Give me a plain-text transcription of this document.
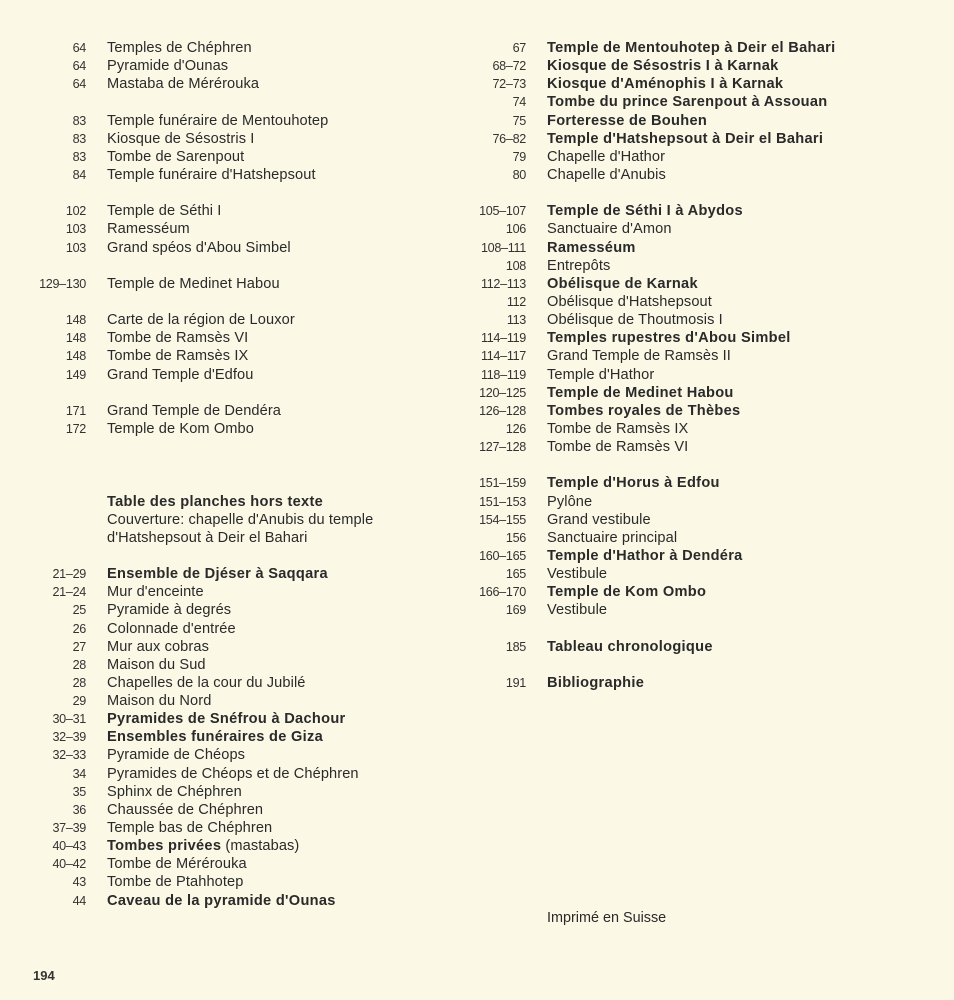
64	Temples de Chéphren
64	Pyramide d'Ounas
64	Mastaba de Mérérouka
83	Temple funéraire de Mentouhotep
83	Kiosque de Sésostris I
83	Tombe de Sarenpout
84	Temple funéraire d'Hatshepsout
102	Temple de Séthi I
103	Ramesséum
103	Grand spéos d'Abou Simbel
129–130	Temple de Medinet Habou
148	Carte de la région de Louxor
148	Tombe de Ramsès VI
148	Tombe de Ramsès IX
149	Grand Temple d'Edfou
171	Grand Temple de Dendéra
172	Temple de Kom Ombo
Table des planches hors texte
Couverture: chapelle d'Anubis du temple
d'Hatshepsout à Deir el Bahari
21–29	Ensemble de Djéser à Saqqara
21–24	Mur d'enceinte
25	Pyramide à degrés
26	Colonnade d'entrée
27	Mur aux cobras
28	Maison du Sud
28	Chapelles de la cour du Jubilé
29	Maison du Nord
30–31	Pyramides de Snéfrou à Dachour
32–39	Ensembles funéraires de Giza
32–33	Pyramide de Chéops
34	Pyramides de Chéops et de Chéphren
35	Sphinx de Chéphren
36	Chaussée de Chéphren
37–39	Temple bas de Chéphren
40–43	Tombes privées (mastabas)
40–42	Tombe de Mérérouka
43	Tombe de Ptahhotep
44	Caveau de la pyramide d'Ounas
67	Temple de Mentouhotep à Deir el Bahari
68–72	Kiosque de Sésostris I à Karnak
72–73	Kiosque d'Aménophis I à Karnak
74	Tombe du prince Sarenpout à Assouan
75	Forteresse de Bouhen
76–82	Temple d'Hatshepsout à Deir el Bahari
79	Chapelle d'Hathor
80	Chapelle d'Anubis
105–107	Temple de Séthi I à Abydos
106	Sanctuaire d'Amon
108–111	Ramesséum
108	Entrepôts
112–113	Obélisque de Karnak
112	Obélisque d'Hatshepsout
113	Obélisque de Thoutmosis I
114–119	Temples rupestres d'Abou Simbel
114–117	Grand Temple de Ramsès II
118–119	Temple d'Hathor
120–125	Temple de Medinet Habou
126–128	Tombes royales de Thèbes
126	Tombe de Ramsès IX
127–128	Tombe de Ramsès VI
151–159	Temple d'Horus à Edfou
151–153	Pylône
154–155	Grand vestibule
156	Sanctuaire principal
160–165	Temple d'Hathor à Dendéra
165	Vestibule
166–170	Temple de Kom Ombo
169	Vestibule
185	Tableau chronologique
191	Bibliographie
Imprimé en Suisse
194
